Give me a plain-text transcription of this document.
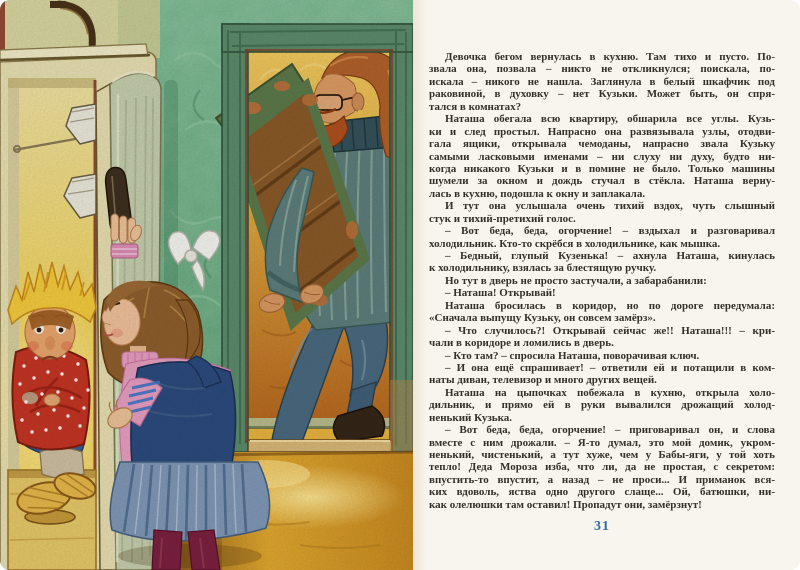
Девочка бегом вернулась в кухню. Там тихо и пусто. По-
звала она, позвала – никто не откликнулся; поискала, по-
искала – никого не нашла. Заглянула в белый шкафчик под
раковиной, в духовку – нет Кузьки. Может быть, он спря-
тался в комнатах?
Наташа обегала всю квартиру, обшарила все углы. Кузь-
ки и след простыл. Напрасно она развязывала узлы, отодви-
гала ящики, открывала чемоданы, напрасно звала Кузьку
самыми ласковыми именами – ни слуху ни духу, будто ни-
когда никакого Кузьки и в помине не было. Только машины
шумели за окном и дождь стучал в стёкла. Наташа верну-
лась в кухню, подошла к окну и заплакала.
И тут она услышала очень тихий вздох, чуть слышный
стук и тихий-претихий голос.
– Вот беда, беда, огорчение! – вздыхал и разговаривал
холодильник. Кто-то скрёбся в холодильнике, как мышка.
– Бедный, глупый Кузенька! – ахнула Наташа, кинулась
к холодильнику, взялась за блестящую ручку.
Но тут в дверь не просто застучали, а забарабанили:
– Наташа! Открывай!
Наташа бросилась в коридор, но по дороге передумала:
«Сначала выпущу Кузьку, он совсем замёрз».
– Что случилось?! Открывай сейчас же!! Наташа!!! – кри-
чали в коридоре и ломились в дверь.
– Кто там? – спросила Наташа, поворачивая ключ.
– И она ещё спрашивает! – ответили ей и потащили в ком-
наты диван, телевизор и много других вещей.
Наташа на цыпочках побежала в кухню, открыла холо-
дильник, и прямо ей в руки вывалился дрожащий холод-
ненький Кузька.
– Вот беда, беда, огорчение! – приговаривал он, и слова
вместе с ним дрожали. – Я-то думал, это мой домик, укром-
ненький, чистенький, а тут хуже, чем у Бабы-яги, у той хоть
тепло! Деда Мороза изба, что ли, да не простая, с секретом:
впустить-то впустит, а назад – не проси... И приманок вся-
ких вдоволь, яства одно другого слаще... Ой, батюшки, ни-
как олелюшки там оставил! Пропадут они, замёрзнут!
31
